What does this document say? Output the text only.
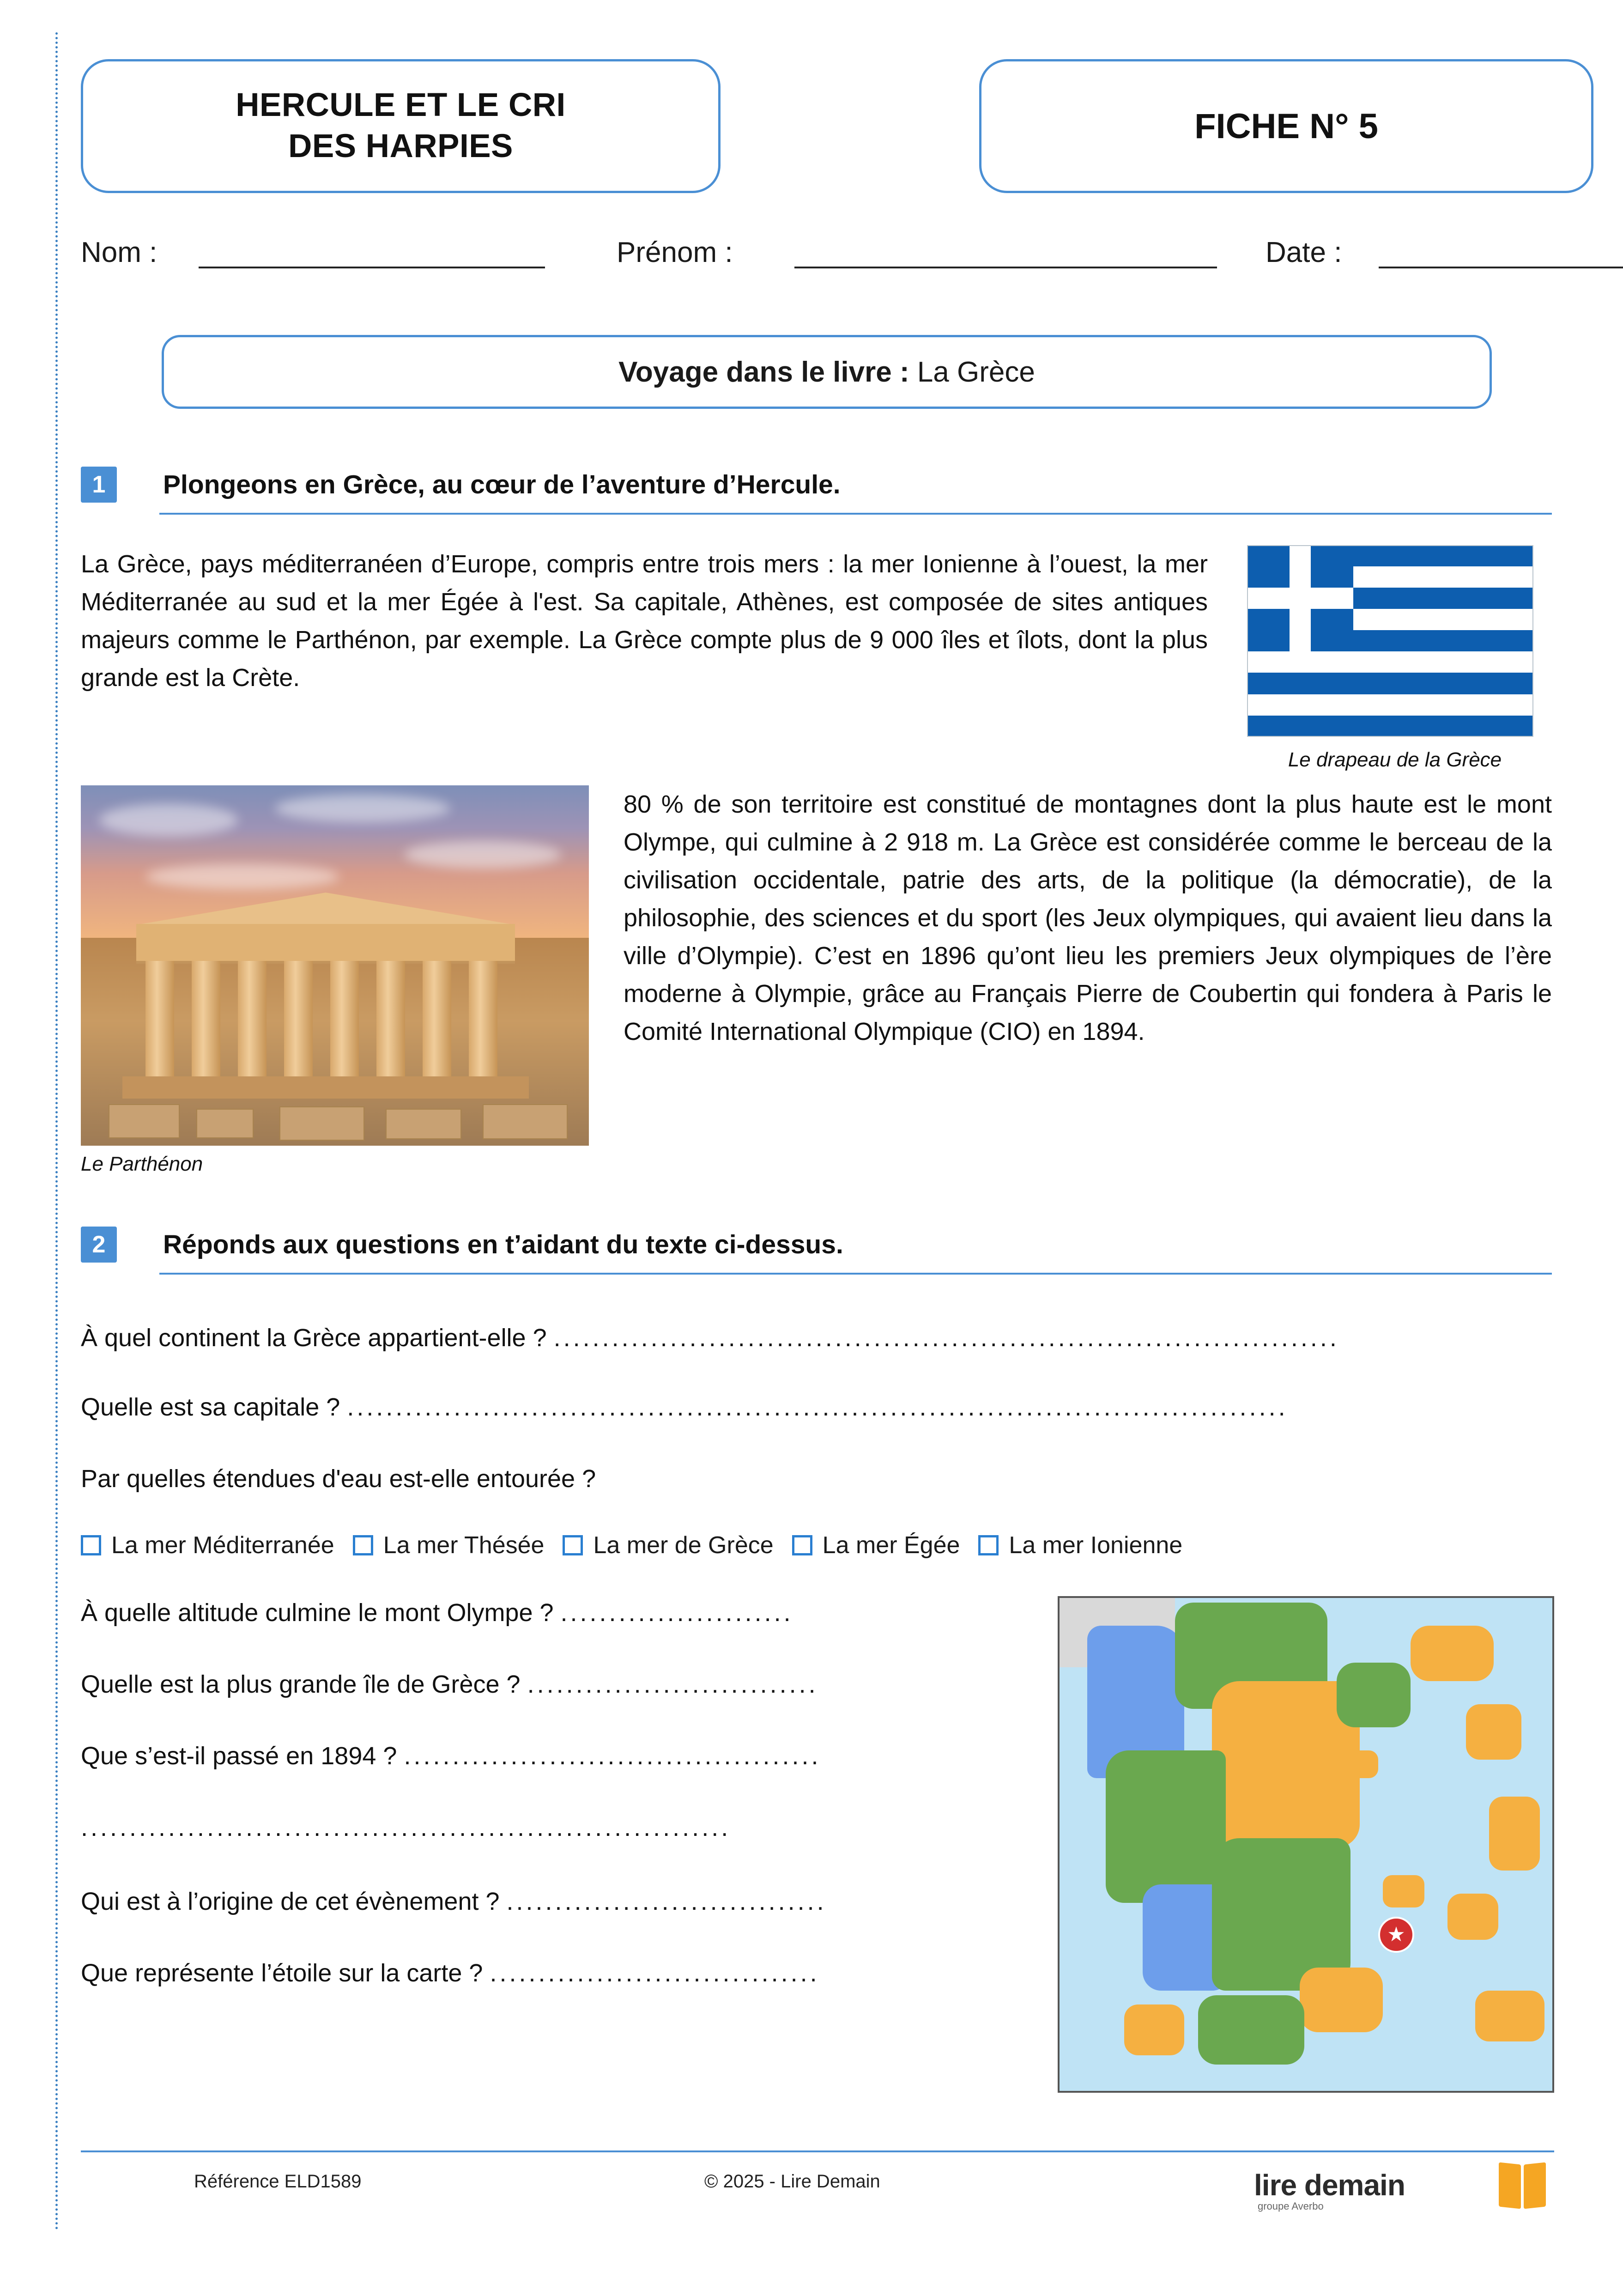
HERCULE ET LE CRI
DES HARPIES
FICHE N° 5
Nom :	Prénom :	Date :
Voyage dans le livre : La Grèce
1	Plongeons en Grèce, au cœur de l’aventure d’Hercule.
Le drapeau de la Grèce
La Grèce, pays méditerranéen d’Europe, compris entre trois mers : la mer Ionienne à l’ouest, la mer Méditerranée au sud et la mer Égée à l'est. Sa capitale, Athènes, est composée de sites antiques majeurs comme le Parthénon, par exemple. La Grèce compte plus de 9 000 îles et îlots, dont la plus grande est la Crète.
Le Parthénon
80 % de son territoire est constitué de montagnes dont la plus haute est le mont Olympe, qui culmine à 2 918 m. La Grèce est considérée comme le berceau de la civilisation occidentale, patrie des arts, de la politique (la démocratie), de la philosophie, des sciences et du sport (les Jeux olympiques, qui avaient lieu dans la ville d’Olympie). C’est en 1896 qu’ont lieu les premiers Jeux olympiques de l’ère moderne à Olympie, grâce au Français Pierre de Coubertin qui fondera à Paris le Comité International Olympique (CIO) en 1894.
2	Réponds aux questions en t’aidant du texte ci-dessus.
À quel continent la Grèce appartient-elle ? .................................................................................
Quelle est sa capitale ? .................................................................................................
Par quelles étendues d'eau est-elle entourée ?
La mer Méditerranée La mer Thésée La mer de Grèce La mer Égée La mer Ionienne
À quelle altitude culmine le mont Olympe ? ........................
Quelle est la plus grande île de Grèce ? ..............................
Que s’est-il passé en 1894 ? ...........................................
...................................................................
Qui est à l’origine de cet évènement ? .................................
Que représente l’étoile sur la carte ? ..................................
★
Référence ELD1589	© 2025 - Lire Demain	lire demain
groupe Averbo
